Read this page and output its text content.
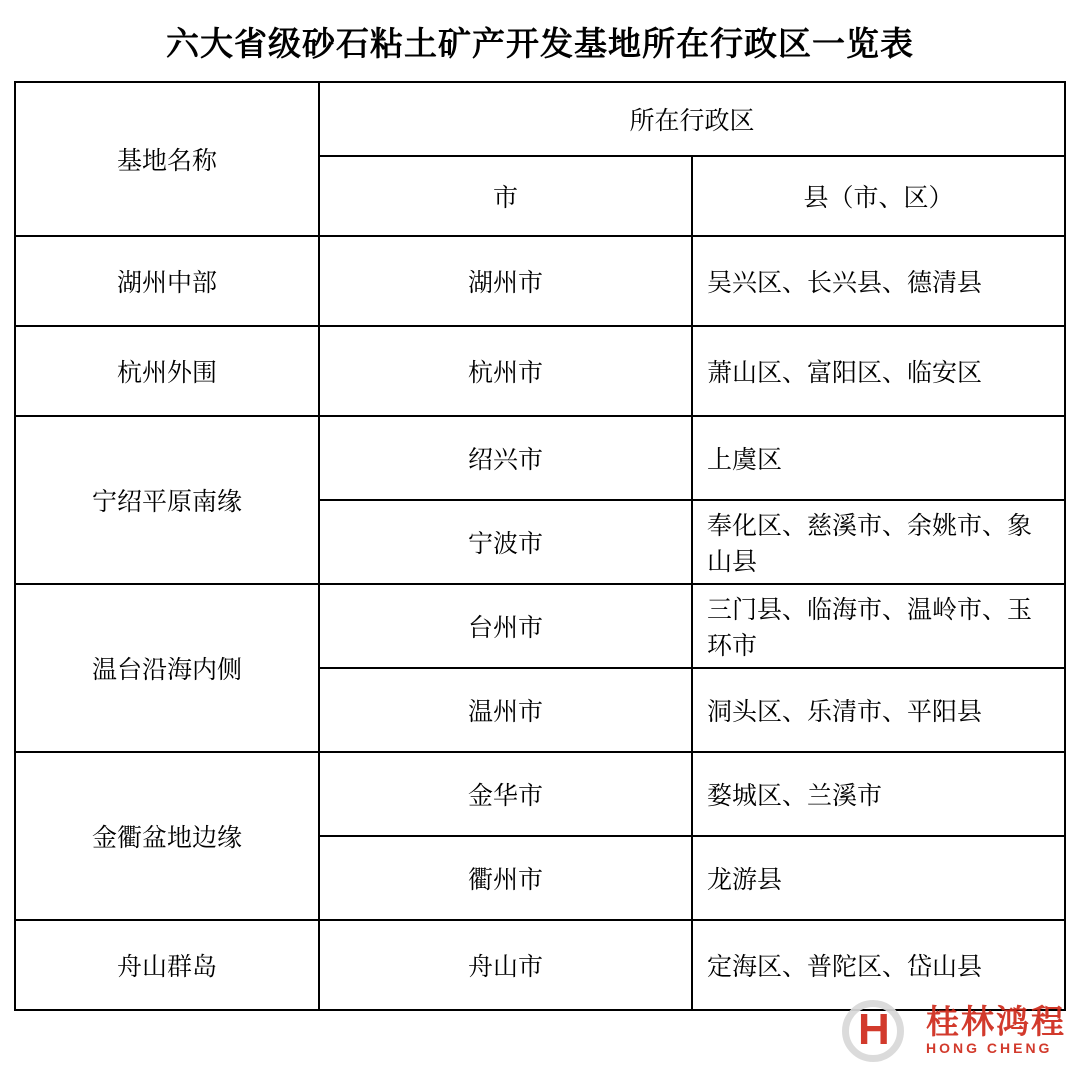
六大省级砂石粘土矿产开发基地所在行政区一览表
基地名称	所在行政区	
	市	县（市、区）
湖州中部	湖州市	吴兴区、长兴县、德清县
杭州外围	杭州市	萧山区、富阳区、临安区
宁绍平原南缘	绍兴市	上虞区
	宁波市	奉化区、慈溪市、余姚市、象山县
温台沿海内侧	台州市	三门县、临海市、温岭市、玉环市
	温州市	洞头区、乐清市、平阳县
金衢盆地边缘	金华市	婺城区、兰溪市
	衢州市	龙游县
舟山群岛	舟山市	定海区、普陀区、岱山县
H 桂林鸿程
HONG CHENG
